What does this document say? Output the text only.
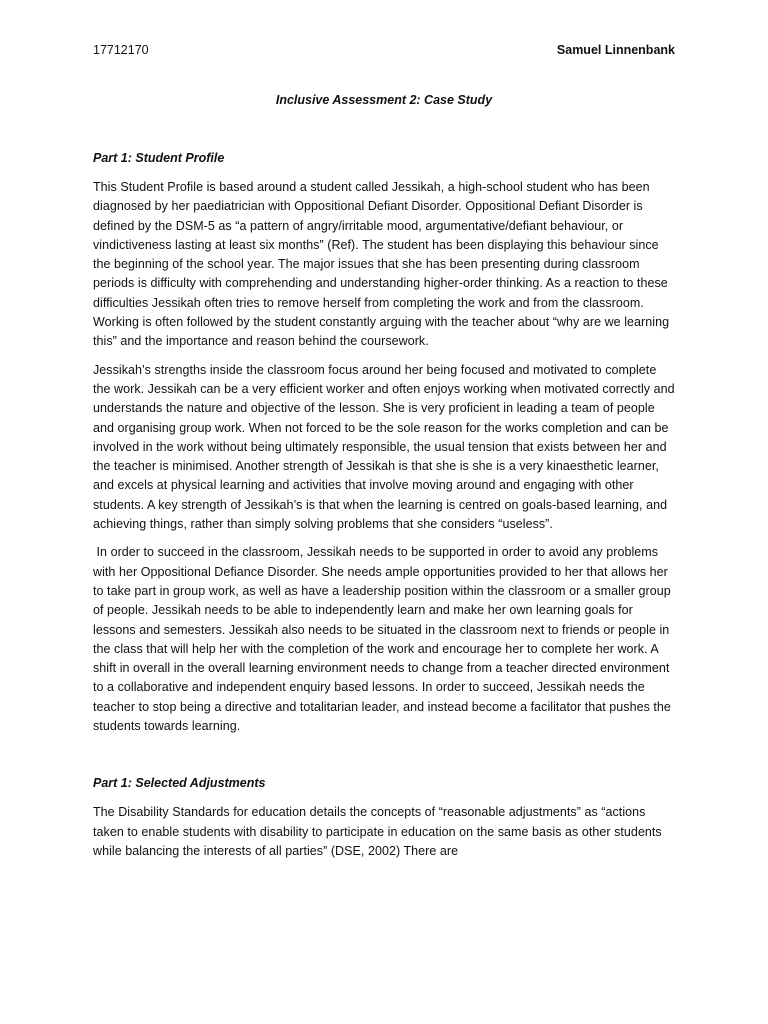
17712170	Samuel Linnenbank
Inclusive Assessment 2: Case Study
Part 1: Student Profile

This Student Profile is based around a student called Jessikah, a high-school student who has been diagnosed by her paediatrician with Oppositional Defiant Disorder. Oppositional Defiant Disorder is defined by the DSM-5 as “a pattern of angry/irritable mood, argumentative/defiant behaviour, or vindictiveness lasting at least six months” (Ref). The student has been displaying this behaviour since the beginning of the school year. The major issues that she has been presenting during classroom periods is difficulty with comprehending and understanding higher-order thinking. As a reaction to these difficulties Jessikah often tries to remove herself from completing the work and from the classroom. Working is often followed by the student constantly arguing with the teacher about “why are we learning this” and the importance and reason behind the coursework.

Jessikah’s strengths inside the classroom focus around her being focused and motivated to complete the work. Jessikah can be a very efficient worker and often enjoys working when motivated correctly and understands the nature and objective of the lesson. She is very proficient in leading a team of people and organising group work. When not forced to be the sole reason for the works completion and can be involved in the work without being ultimately responsible, the usual tension that exists between her and the teacher is minimised. Another strength of Jessikah is that she is she is a very kinaesthetic learner, and excels at physical learning and activities that involve moving around and engaging with other students. A key strength of Jessikah’s is that when the learning is centred on goals-based learning, and achieving things, rather than simply solving problems that she considers “useless”.

In order to succeed in the classroom, Jessikah needs to be supported in order to avoid any problems with her Oppositional Defiance Disorder. She needs ample opportunities provided to her that allows her to take part in group work, as well as have a leadership position within the classroom or a smaller group of people. Jessikah needs to be able to independently learn and make her own learning goals for lessons and semesters. Jessikah also needs to be situated in the classroom next to friends or people in the class that will help her with the completion of the work and encourage her to complete her work. A shift in overall in the overall learning environment needs to change from a teacher directed environment to a collaborative and independent enquiry based lessons. In order to succeed, Jessikah needs the teacher to stop being a directive and totalitarian leader, and instead become a facilitator that pushes the students towards learning.

Part 1: Selected Adjustments

The Disability Standards for education details the concepts of “reasonable adjustments” as “actions taken to enable students with disability to participate in education on the same basis as other students while balancing the interests of all parties” (DSE, 2002) There are
